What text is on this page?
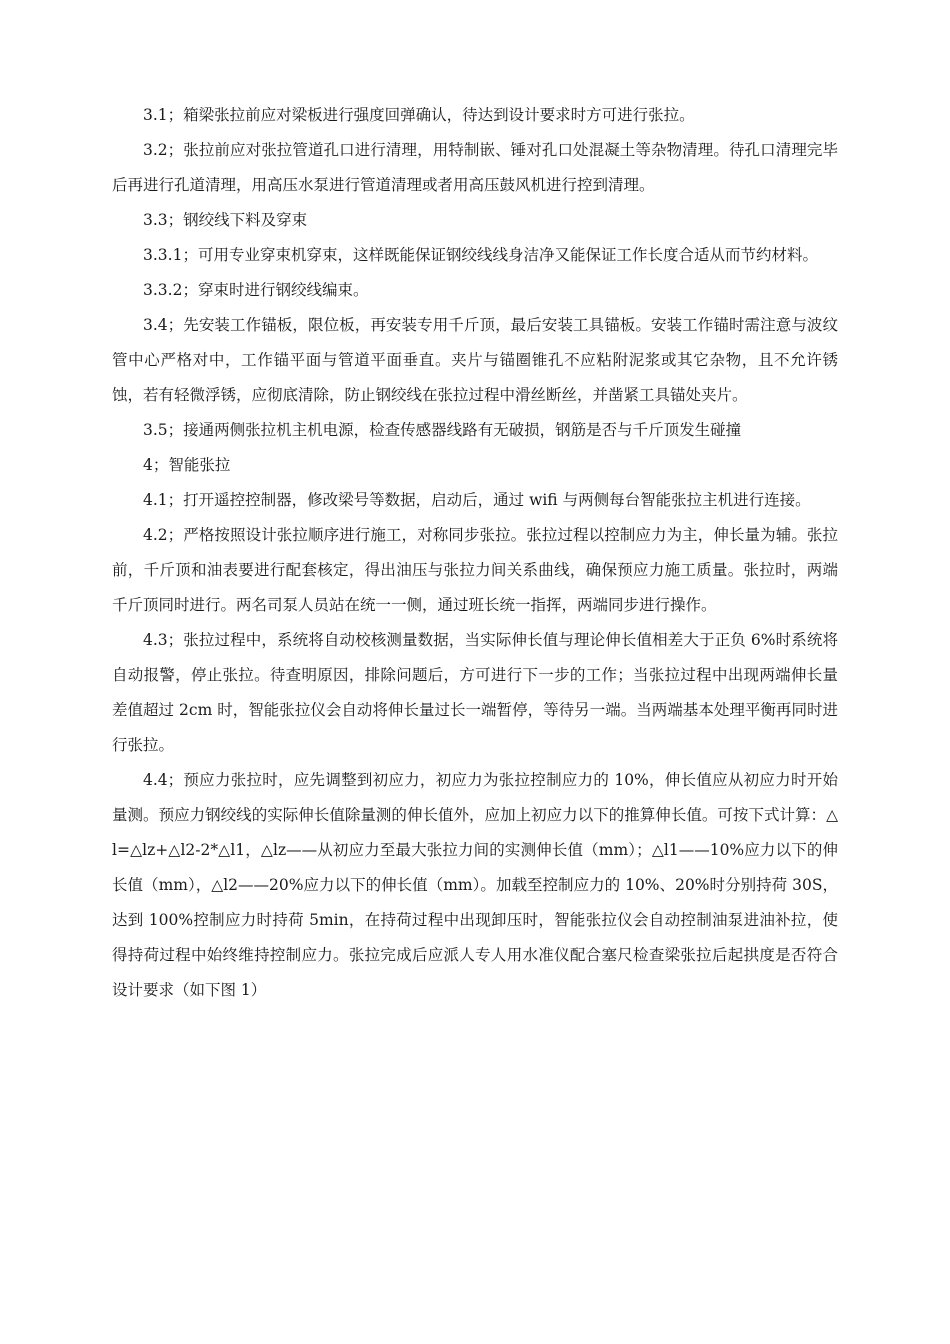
3.1；箱梁张拉前应对梁板进行强度回弹确认，待达到设计要求时方可进行张拉。

3.2；张拉前应对张拉管道孔口进行清理，用特制嵌、锤对孔口处混凝土等杂物清理。待孔口清理完毕后再进行孔道清理，用高压水泵进行管道清理或者用高压鼓风机进行控到清理。

3.3；钢绞线下料及穿束

3.3.1；可用专业穿束机穿束，这样既能保证钢绞线线身洁净又能保证工作长度合适从而节约材料。

3.3.2；穿束时进行钢绞线编束。

3.4；先安装工作锚板，限位板，再安装专用千斤顶，最后安装工具锚板。安装工作锚时需注意与波纹管中心严格对中，工作锚平面与管道平面垂直。夹片与锚圈锥孔不应粘附泥浆或其它杂物，且不允许锈蚀，若有轻微浮锈，应彻底清除，防止钢绞线在张拉过程中滑丝断丝，并凿紧工具锚处夹片。

3.5；接通两侧张拉机主机电源，检查传感器线路有无破损，钢筋是否与千斤顶发生碰撞

4；智能张拉

4.1；打开遥控控制器，修改梁号等数据，启动后，通过 wifi 与两侧每台智能张拉主机进行连接。

4.2；严格按照设计张拉顺序进行施工，对称同步张拉。张拉过程以控制应力为主，伸长量为辅。张拉前，千斤顶和油表要进行配套核定，得出油压与张拉力间关系曲线，确保预应力施工质量。张拉时，两端千斤顶同时进行。两名司泵人员站在统一一侧，通过班长统一指挥，两端同步进行操作。

4.3；张拉过程中，系统将自动校核测量数据，当实际伸长值与理论伸长值相差大于正负 6%时系统将自动报警，停止张拉。待查明原因，排除问题后，方可进行下一步的工作；当张拉过程中出现两端伸长量差值超过 2cm 时，智能张拉仪会自动将伸长量过长一端暂停，等待另一端。当两端基本处理平衡再同时进行张拉。

4.4；预应力张拉时，应先调整到初应力，初应力为张拉控制应力的 10%，伸长值应从初应力时开始量测。预应力钢绞线的实际伸长值除量测的伸长值外，应加上初应力以下的推算伸长值。可按下式计算：△l=△lz+△l2-2*△l1，△lz——从初应力至最大张拉力间的实测伸长值（mm）；△l1——10%应力以下的伸长值（mm），△l2——20%应力以下的伸长值（mm）。加载至控制应力的 10%、20%时分别持荷 30S，达到 100%控制应力时持荷 5min，在持荷过程中出现卸压时，智能张拉仪会自动控制油泵进油补拉，使得持荷过程中始终维持控制应力。张拉完成后应派人专人用水准仪配合塞尺检查梁张拉后起拱度是否符合设计要求（如下图 1）
